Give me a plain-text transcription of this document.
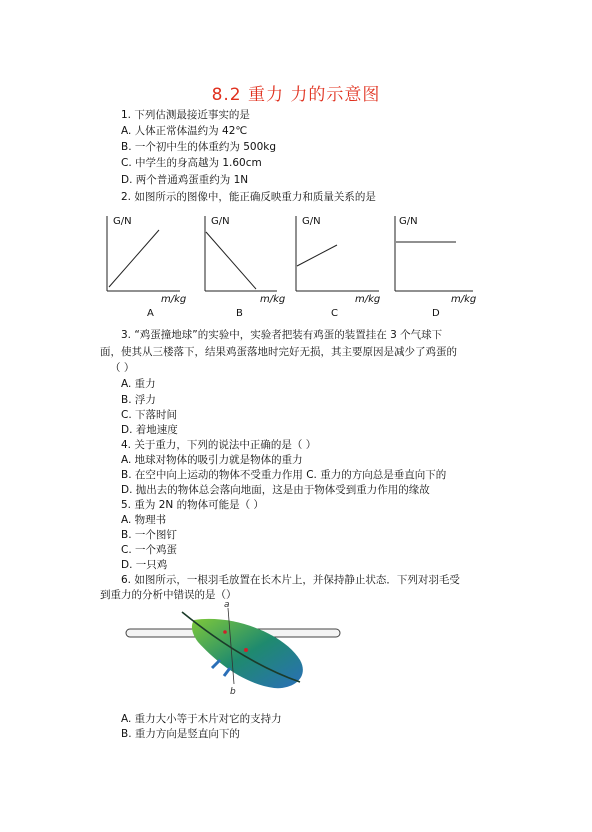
8.2 重力 力的示意图
1. 下列估测最接近事实的是
A. 人体正常体温约为 42℃
B. 一个初中生的体重约为 500kg
C. 中学生的身高越为 1.60cm
D. 两个普通鸡蛋重约为 1N
2. 如图所示的图像中，能正确反映重力和质量关系的是
G/N
m/kg
A
G/N
m/kg
B
G/N
m/kg
C
G/N
m/kg
D
3. “鸡蛋撞地球”的实验中，实验者把装有鸡蛋的装置挂在 3 个气球下
面，使其从三楼落下，结果鸡蛋落地时完好无损，其主要原因是减少了鸡蛋的
（ ）
A. 重力
B. 浮力
C. 下落时间
D. 着地速度
4. 关于重力，下列的说法中正确的是（ ）
A. 地球对物体的吸引力就是物体的重力
B. 在空中向上运动的物体不受重力作用 C. 重力的方向总是垂直向下的
D. 抛出去的物体总会落向地面，这是由于物体受到重力作用的缘故
5. 重为 2N 的物体可能是（ ）
A. 物理书
B. 一个图钉
C. 一个鸡蛋
D. 一只鸡
6. 如图所示，一根羽毛放置在长木片上，并保持静止状态．下列对羽毛受
到重力的分析中错误的是（）
a
b
A. 重力大小等于木片对它的支持力
B. 重力方向是竖直向下的
